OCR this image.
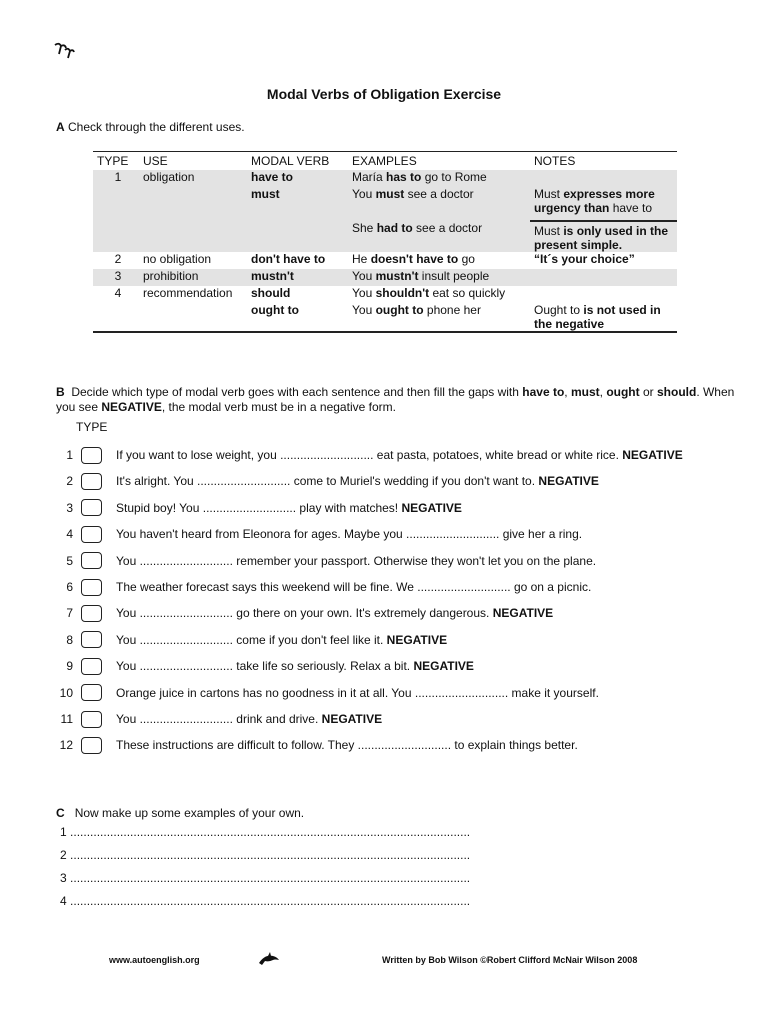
Modal Verbs of Obligation Exercise
A Check through the different uses.
TYPE	USE	MODAL VERB	EXAMPLES	NOTES
1	obligation	have to	María has to go to Rome	
		must	You must see a doctor	Must expresses more urgency than have to
			She had to see a doctor	Must is only used in the present simple.
2	no obligation	don't have to	He doesn't have to go	“It´s your choice”
3	prohibition	mustn't	You mustn't insult people	
4	recommendation	should	You shouldn't eat so quickly	
		ought to	You ought to phone her	Ought to is not used in the negative
B Decide which type of modal verb goes with each sentence and then fill the gaps with have to, must, ought or should. When you see NEGATIVE, the modal verb must be in a negative form.
TYPE
1	If you want to lose weight, you ............................ eat pasta, potatoes, white bread or white rice. NEGATIVE
2	It's alright. You ............................ come to Muriel's wedding if you don't want to. NEGATIVE
3	Stupid boy! You ............................ play with matches! NEGATIVE
4	You haven't heard from Eleonora for ages. Maybe you ............................ give her a ring.
5	You ............................ remember your passport. Otherwise they won't let you on the plane.
6	The weather forecast says this weekend will be fine. We ............................ go on a picnic.
7	You ............................ go there on your own. It's extremely dangerous. NEGATIVE
8	You ............................ come if you don't feel like it. NEGATIVE
9	You ............................ take life so seriously. Relax a bit. NEGATIVE
10	Orange juice in cartons has no goodness in it at all. You ............................ make it yourself.
11	You ............................ drink and drive. NEGATIVE
12	These instructions are difficult to follow. They ............................ to explain things better.
C Now make up some examples of your own.
1 ........................................................................................................................
2 ........................................................................................................................
3 ........................................................................................................................
4 ........................................................................................................................
www.autoenglish.org	Written by Bob Wilson ©Robert Clifford McNair Wilson 2008
